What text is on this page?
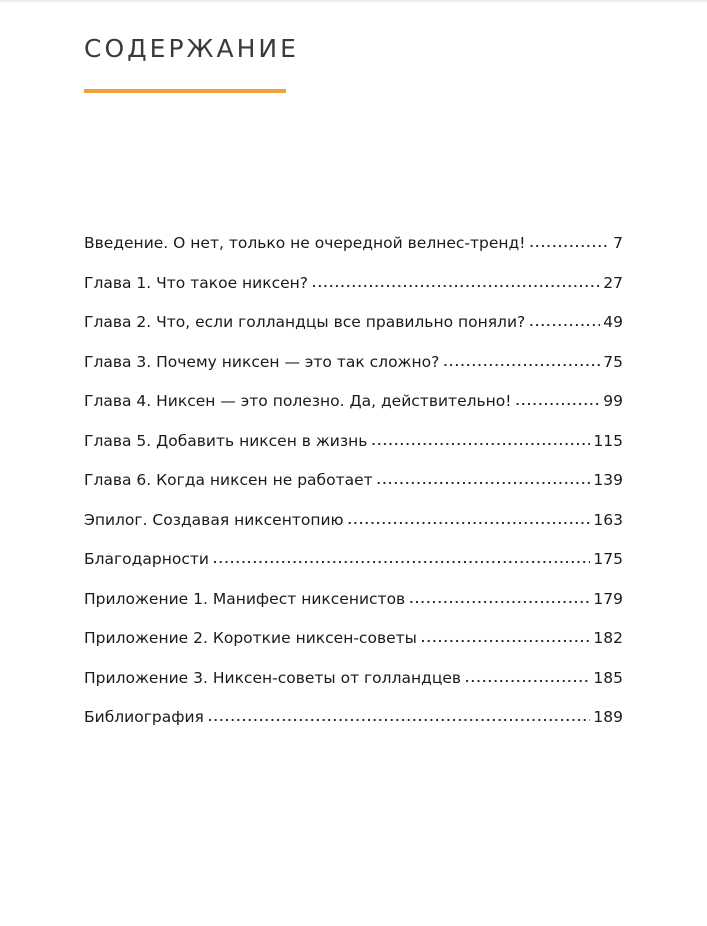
СОДЕРЖАНИЕ
Введение. О нет, только не очередной велнес-тренд! .....	7
Глава 1. Что такое никсен? .....	27
Глава 2. Что, если голландцы все правильно поняли? .....	49
Глава 3. Почему никсен — это так сложно? .....	75
Глава 4. Никсен — это полезно. Да, действительно! .....	99
Глава 5. Добавить никсен в жизнь .....	115
Глава 6. Когда никсен не работает .....	139
Эпилог. Создавая никсентопию .....	163
Благодарности .....	175
Приложение 1. Манифест никсенистов .....	179
Приложение 2. Короткие никсен-советы .....	182
Приложение 3. Никсен-советы от голландцев .....	185
Библиография .....	189
